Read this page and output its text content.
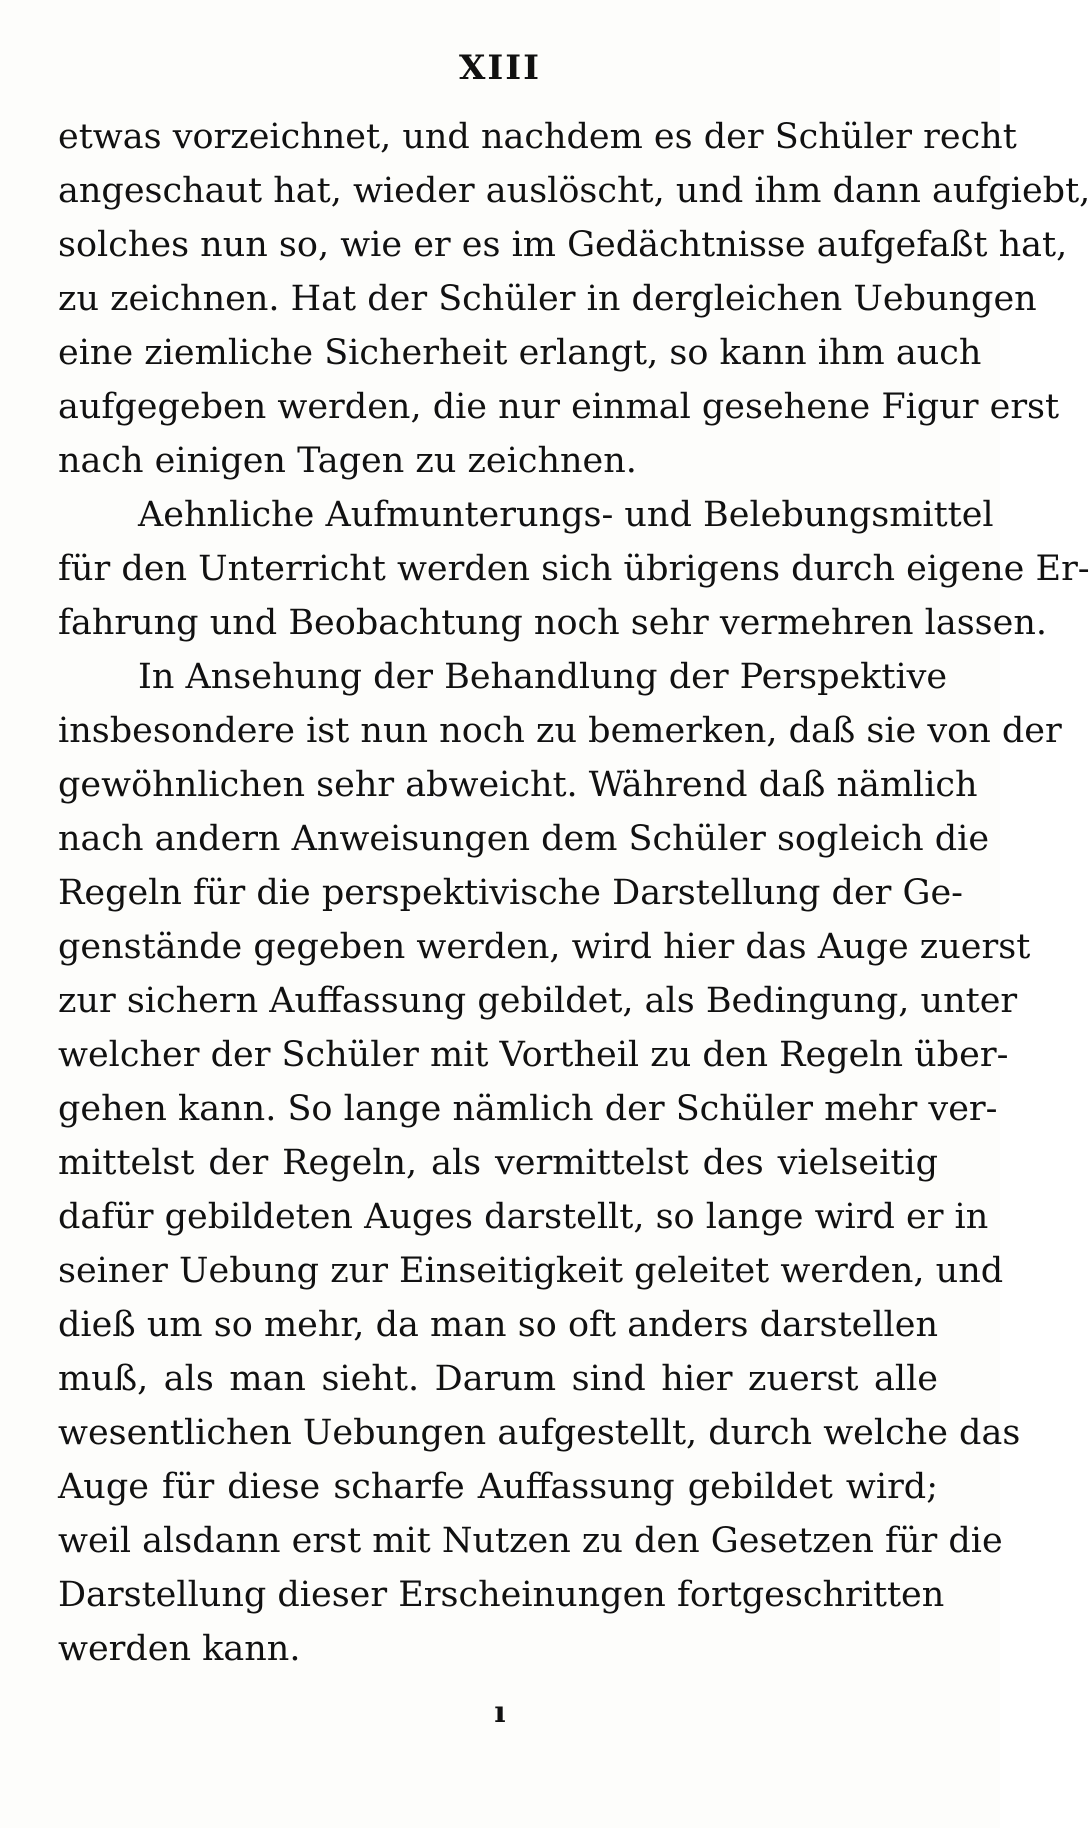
XIII
etwas vorzeichnet, und nachdem es der Schüler recht
angeschaut hat, wieder auslöscht, und ihm dann aufgiebt,
solches nun so, wie er es im Gedächtnisse aufgefaßt hat,
zu zeichnen. Hat der Schüler in dergleichen Uebungen
eine ziemliche Sicherheit erlangt, so kann ihm auch
aufgegeben werden, die nur einmal gesehene Figur erst
nach einigen Tagen zu zeichnen.
Aehnliche Aufmunterungs- und Belebungsmittel
für den Unterricht werden sich übrigens durch eigene Er-
fahrung und Beobachtung noch sehr vermehren lassen.
In Ansehung der Behandlung der Perspektive
insbesondere ist nun noch zu bemerken, daß sie von der
gewöhnlichen sehr abweicht. Während daß nämlich
nach andern Anweisungen dem Schüler sogleich die
Regeln für die perspektivische Darstellung der Ge-
genstände gegeben werden, wird hier das Auge zuerst
zur sichern Auffassung gebildet, als Bedingung, unter
welcher der Schüler mit Vortheil zu den Regeln über-
gehen kann. So lange nämlich der Schüler mehr ver-
mittelst der Regeln, als vermittelst des vielseitig
dafür gebildeten Auges darstellt, so lange wird er in
seiner Uebung zur Einseitigkeit geleitet werden, und
dieß um so mehr, da man so oft anders darstellen
muß, als man sieht. Darum sind hier zuerst alle
wesentlichen Uebungen aufgestellt, durch welche das
Auge für diese scharfe Auffassung gebildet wird;
weil alsdann erst mit Nutzen zu den Gesetzen für die
Darstellung dieser Erscheinungen fortgeschritten
werden kann.
ı
